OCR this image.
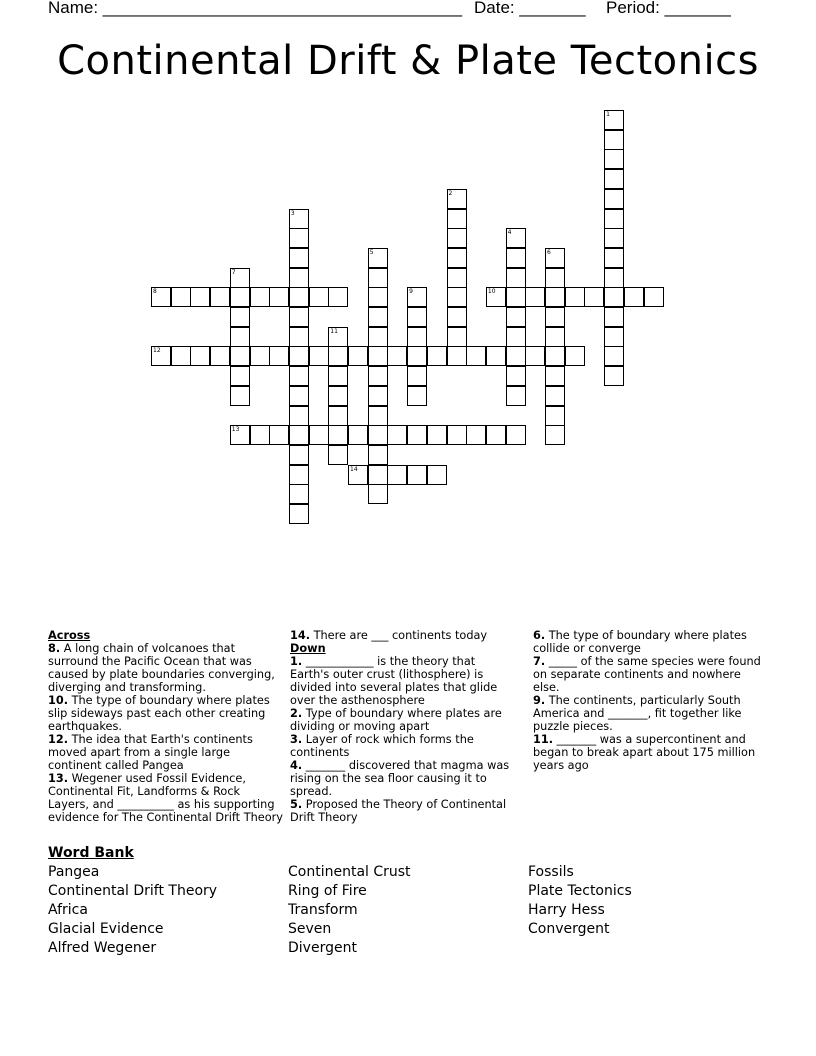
Name: ______________________________________ Date: _______ Period: _______
Continental Drift & Plate Tectonics
1
2
3
4
5	6
7
8	9	10
11
12
13
14
Across

8. A long chain of volcanoes that surround the Pacific Ocean that was caused by plate boundaries converging, diverging and transforming.

10. The type of boundary where plates slip sideways past each other creating earthquakes.

12. The idea that Earth's continents moved apart from a single large continent called Pangea

13. Wegener used Fossil Evidence, Continental Fit, Landforms & Rock Layers, and __________ as his supporting evidence for The Continental Drift Theory

14. There are ___ continents today

Down

1. ____________ is the theory that Earth's outer crust (lithosphere) is divided into several plates that glide over the asthenosphere

2. Type of boundary where plates are dividing or moving apart

3. Layer of rock which forms the continents

4. _______ discovered that magma was rising on the sea floor causing it to spread.

5. Proposed the Theory of Continental Drift Theory

6. The type of boundary where plates collide or converge

7. _____ of the same species were found on separate continents and nowhere else.

9. The continents, particularly South America and _______, fit together like puzzle pieces.

11. _______ was a supercontinent and began to break apart about 175 million years ago

Word Bank
Pangea
Continental Drift Theory
Africa
Glacial Evidence
Alfred Wegener
Continental Crust
Ring of Fire
Transform
Seven
Divergent
Fossils
Plate Tectonics
Harry Hess
Convergent
